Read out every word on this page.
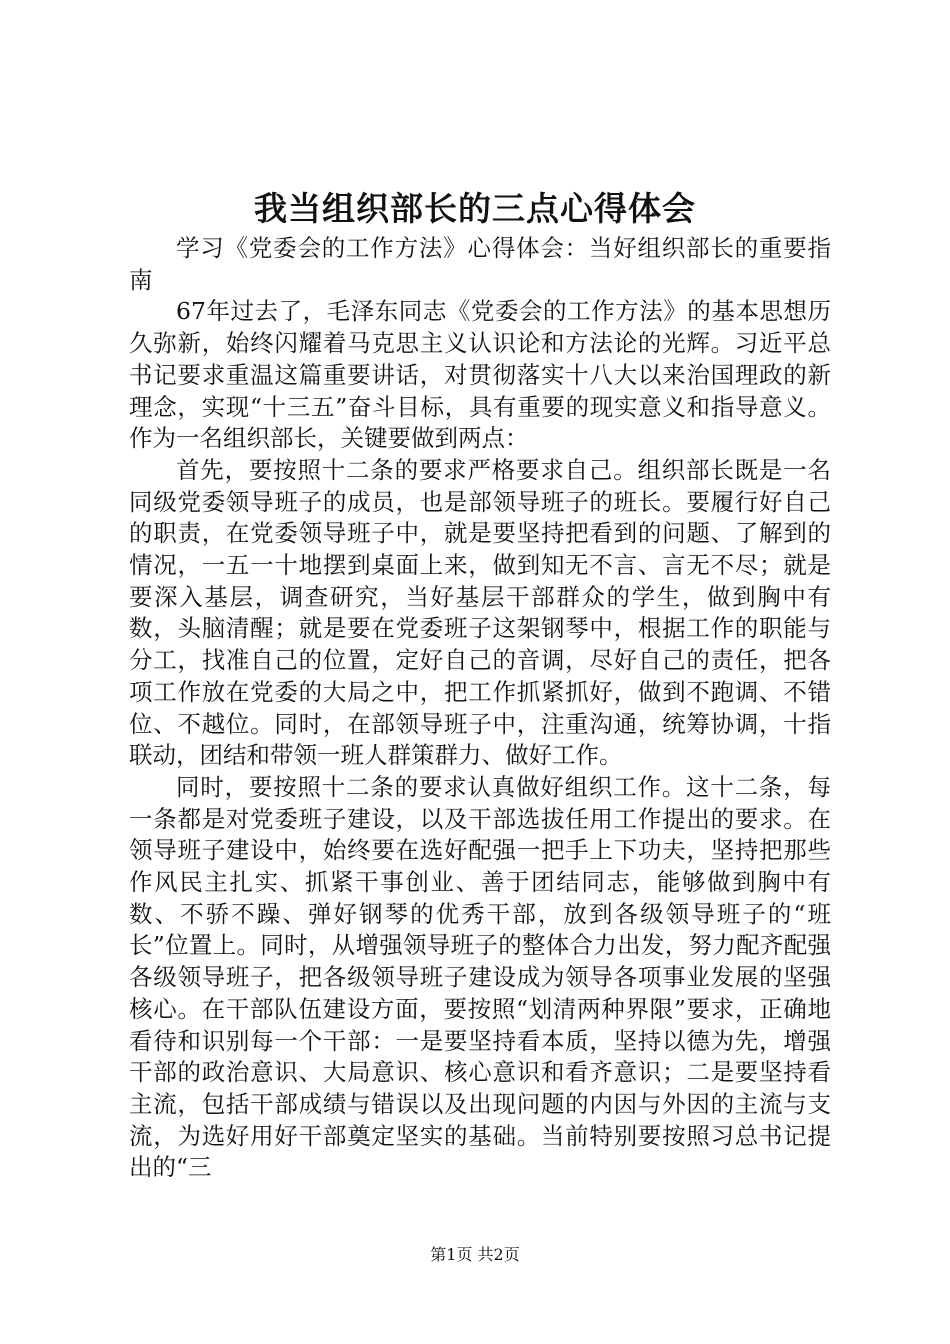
我当组织部长的三点心得体会

学习《党委会的工作方法》心得体会：当好组织部长的重要指南

67年过去了，毛泽东同志《党委会的工作方法》的基本思想历久弥新，始终闪耀着马克思主义认识论和方法论的光辉。习近平总书记要求重温这篇重要讲话，对贯彻落实十八大以来治国理政的新理念，实现“十三五”奋斗目标，具有重要的现实意义和指导意义。作为一名组织部长，关键要做到两点：

首先，要按照十二条的要求严格要求自己。组织部长既是一名同级党委领导班子的成员，也是部领导班子的班长。要履行好自己的职责，在党委领导班子中，就是要坚持把看到的问题、了解到的情况，一五一十地摆到桌面上来，做到知无不言、言无不尽；就是要深入基层，调查研究，当好基层干部群众的学生，做到胸中有数，头脑清醒；就是要在党委班子这架钢琴中，根据工作的职能与分工，找准自己的位置，定好自己的音调，尽好自己的责任，把各项工作放在党委的大局之中，把工作抓紧抓好，做到不跑调、不错位、不越位。同时，在部领导班子中，注重沟通，统筹协调，十指联动，团结和带领一班人群策群力、做好工作。

同时，要按照十二条的要求认真做好组织工作。这十二条，每一条都是对党委班子建设，以及干部选拔任用工作提出的要求。在领导班子建设中，始终要在选好配强一把手上下功夫，坚持把那些作风民主扎实、抓紧干事创业、善于团结同志，能够做到胸中有数、不骄不躁、弹好钢琴的优秀干部，放到各级领导班子的“班长”位置上。同时，从增强领导班子的整体合力出发，努力配齐配强各级领导班子，把各级领导班子建设成为领导各项事业发展的坚强核心。在干部队伍建设方面，要按照“划清两种界限”要求，正确地看待和识别每一个干部：一是要坚持看本质，坚持以德为先，增强干部的政治意识、大局意识、核心意识和看齐意识；二是要坚持看主流，包括干部成绩与错误以及出现问题的内因与外因的主流与支流，为选好用好干部奠定坚实的基础。当前特别要按照习总书记提出的“三

第1页 共2页
